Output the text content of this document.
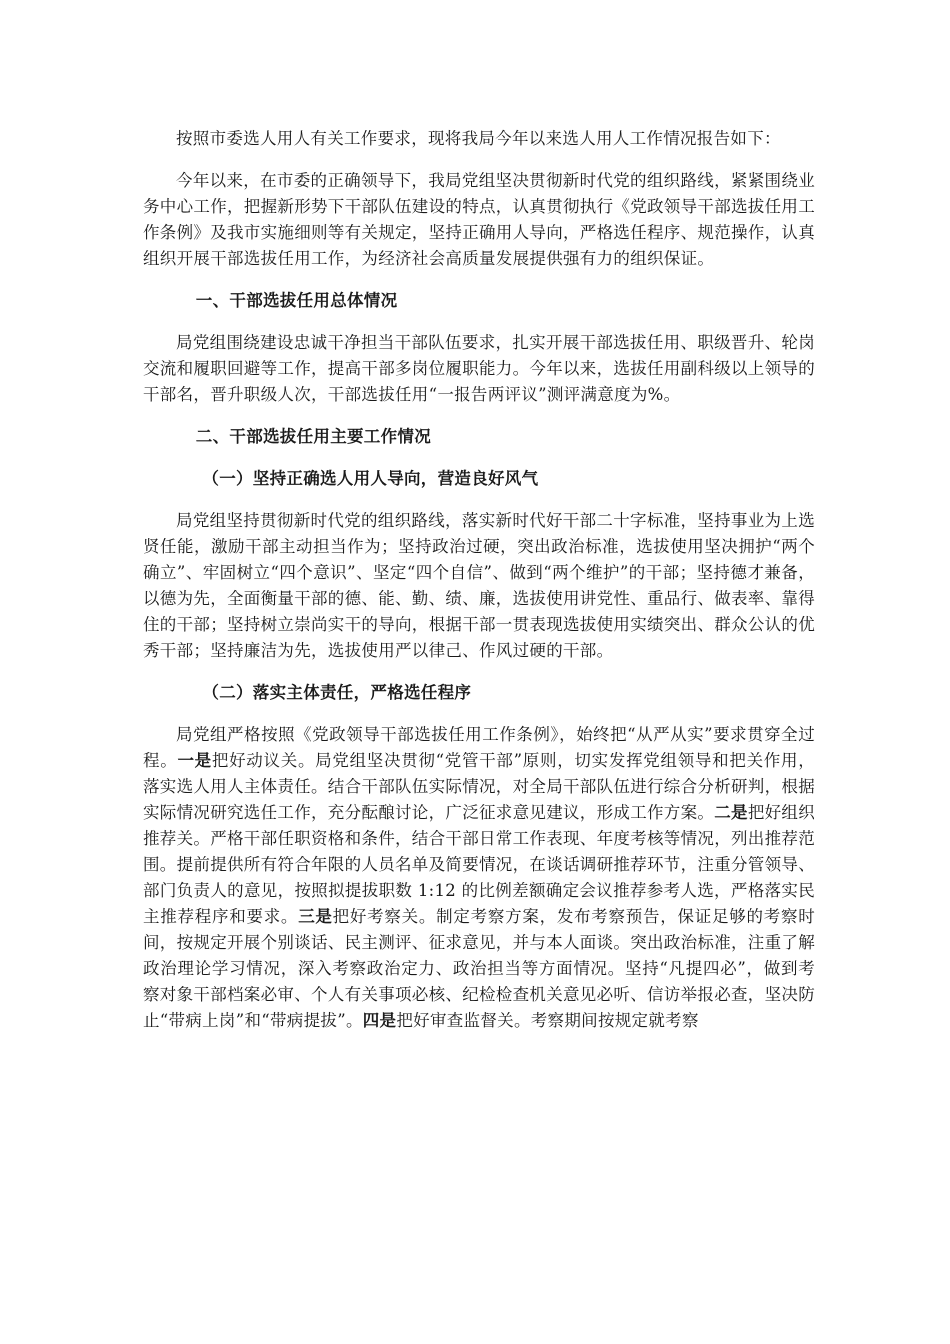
按照市委选人用人有关工作要求，现将我局今年以来选人用人工作情况报告如下：

今年以来，在市委的正确领导下，我局党组坚决贯彻新时代党的组织路线，紧紧围绕业务中心工作，把握新形势下干部队伍建设的特点，认真贯彻执行《党政领导干部选拔任用工作条例》及我市实施细则等有关规定，坚持正确用人导向，严格选任程序、规范操作，认真组织开展干部选拔任用工作，为经济社会高质量发展提供强有力的组织保证。

一、干部选拔任用总体情况

局党组围绕建设忠诚干净担当干部队伍要求，扎实开展干部选拔任用、职级晋升、轮岗交流和履职回避等工作，提高干部多岗位履职能力。今年以来，选拔任用副科级以上领导的干部名，晋升职级人次，干部选拔任用“一报告两评议”测评满意度为%。

二、干部选拔任用主要工作情况

（一）坚持正确选人用人导向，营造良好风气

局党组坚持贯彻新时代党的组织路线，落实新时代好干部二十字标准，坚持事业为上选贤任能，激励干部主动担当作为；坚持政治过硬，突出政治标准，选拔使用坚决拥护“两个确立”、牢固树立“四个意识”、坚定“四个自信”、做到“两个维护”的干部；坚持德才兼备，以德为先，全面衡量干部的德、能、勤、绩、廉，选拔使用讲党性、重品行、做表率、靠得住的干部；坚持树立崇尚实干的导向，根据干部一贯表现选拔使用实绩突出、群众公认的优秀干部；坚持廉洁为先，选拔使用严以律己、作风过硬的干部。

（二）落实主体责任，严格选任程序

局党组严格按照《党政领导干部选拔任用工作条例》，始终把“从严从实”要求贯穿全过程。一是把好动议关。局党组坚决贯彻“党管干部”原则，切实发挥党组领导和把关作用，落实选人用人主体责任。结合干部队伍实际情况，对全局干部队伍进行综合分析研判，根据实际情况研究选任工作，充分酝酿讨论，广泛征求意见建议，形成工作方案。二是把好组织推荐关。严格干部任职资格和条件，结合干部日常工作表现、年度考核等情况，列出推荐范围。提前提供所有符合年限的人员名单及简要情况，在谈话调研推荐环节，注重分管领导、部门负责人的意见，按照拟提拔职数 1:12 的比例差额确定会议推荐参考人选，严格落实民主推荐程序和要求。三是把好考察关。制定考察方案，发布考察预告，保证足够的考察时间，按规定开展个别谈话、民主测评、征求意见，并与本人面谈。突出政治标准，注重了解政治理论学习情况，深入考察政治定力、政治担当等方面情况。坚持“凡提四必”，做到考察对象干部档案必审、个人有关事项必核、纪检检查机关意见必听、信访举报必查，坚决防止“带病上岗”和“带病提拔”。四是把好审查监督关。考察期间按规定就考察
